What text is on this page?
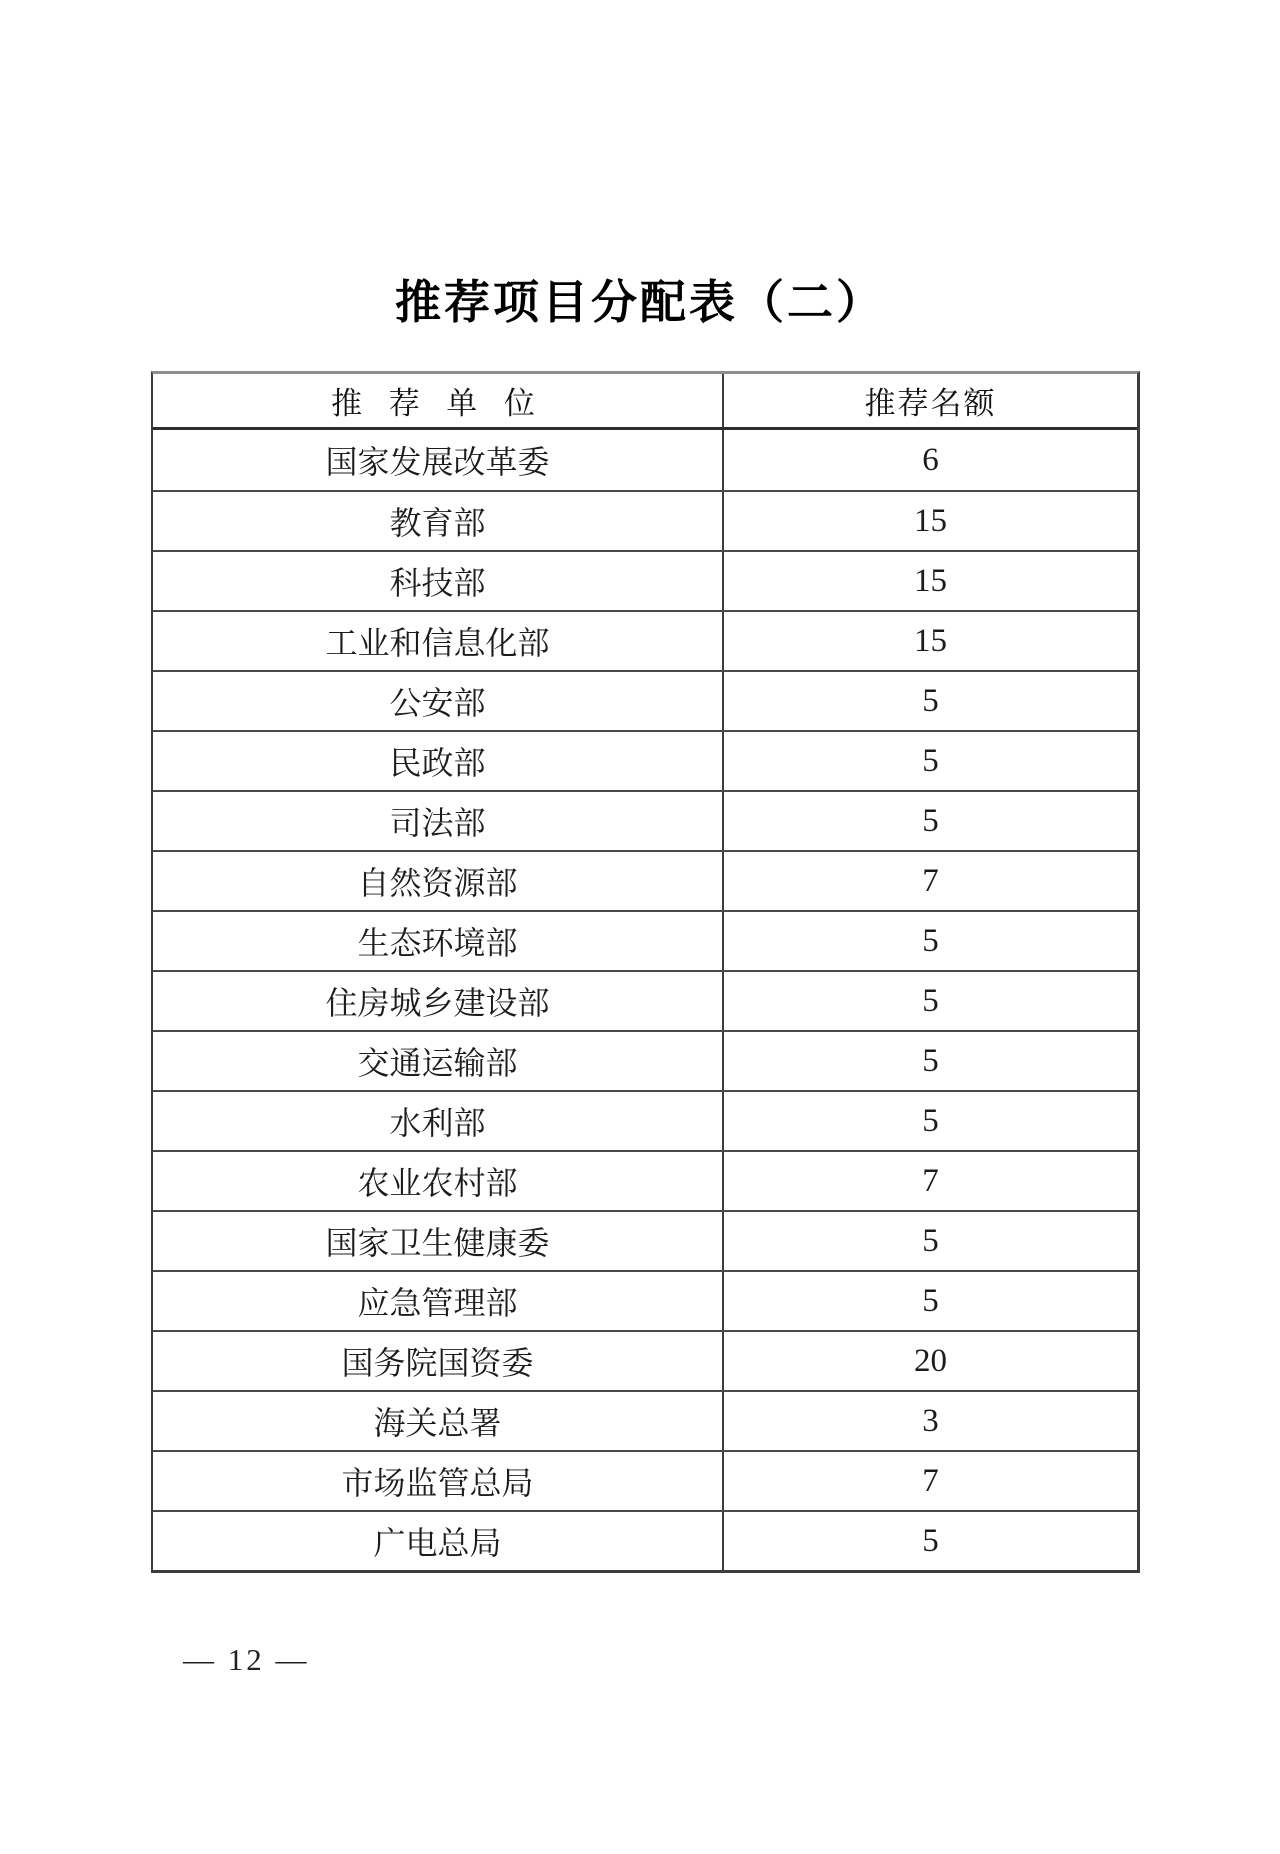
推荐项目分配表（二）
推 荐 单 位	推荐名额
国家发展改革委	6
教育部	15
科技部	15
工业和信息化部	15
公安部	5
民政部	5
司法部	5
自然资源部	7
生态环境部	5
住房城乡建设部	5
交通运输部	5
水利部	5
农业农村部	7
国家卫生健康委	5
应急管理部	5
国务院国资委	20
海关总署	3
市场监管总局	7
广电总局	5
— 12 —
